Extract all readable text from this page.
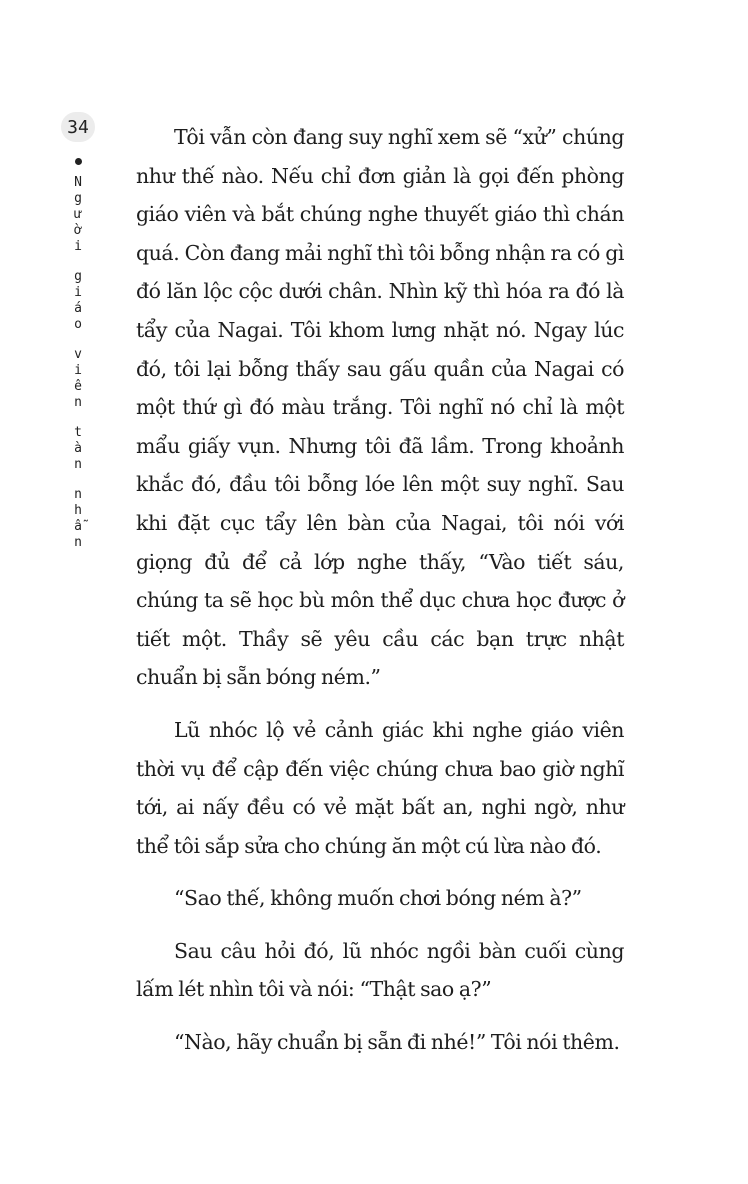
34
N
g
ư
ờ
i
g
i
á
o
v
i
ê
n
t
à
n
n
h
ẫ
n

Tôi vẫn còn đang suy nghĩ xem sẽ “xử” chúng như thế nào. Nếu chỉ đơn giản là gọi đến phòng giáo viên và bắt chúng nghe thuyết giáo thì chán quá. Còn đang mải nghĩ thì tôi bỗng nhận ra có gì đó lăn lộc cộc dưới chân. Nhìn kỹ thì hóa ra đó là tẩy của Nagai. Tôi khom lưng nhặt nó. Ngay lúc đó, tôi lại bỗng thấy sau gấu quần của Nagai có một thứ gì đó màu trắng. Tôi nghĩ nó chỉ là một mẩu giấy vụn. Nhưng tôi đã lầm. Trong khoảnh khắc đó, đầu tôi bỗng lóe lên một suy nghĩ. Sau khi đặt cục tẩy lên bàn của Nagai, tôi nói với giọng đủ để cả lớp nghe thấy, “Vào tiết sáu, chúng ta sẽ học bù môn thể dục chưa học được ở tiết một. Thầy sẽ yêu cầu các bạn trực nhật chuẩn bị sẵn bóng ném.”

Lũ nhóc lộ vẻ cảnh giác khi nghe giáo viên thời vụ để cập đến việc chúng chưa bao giờ nghĩ tới, ai nấy đều có vẻ mặt bất an, nghi ngờ, như thể tôi sắp sửa cho chúng ăn một cú lừa nào đó.

“Sao thế, không muốn chơi bóng ném à?”

Sau câu hỏi đó, lũ nhóc ngồi bàn cuối cùng lấm lét nhìn tôi và nói: “Thật sao ạ?”

“Nào, hãy chuẩn bị sẵn đi nhé!” Tôi nói thêm.
